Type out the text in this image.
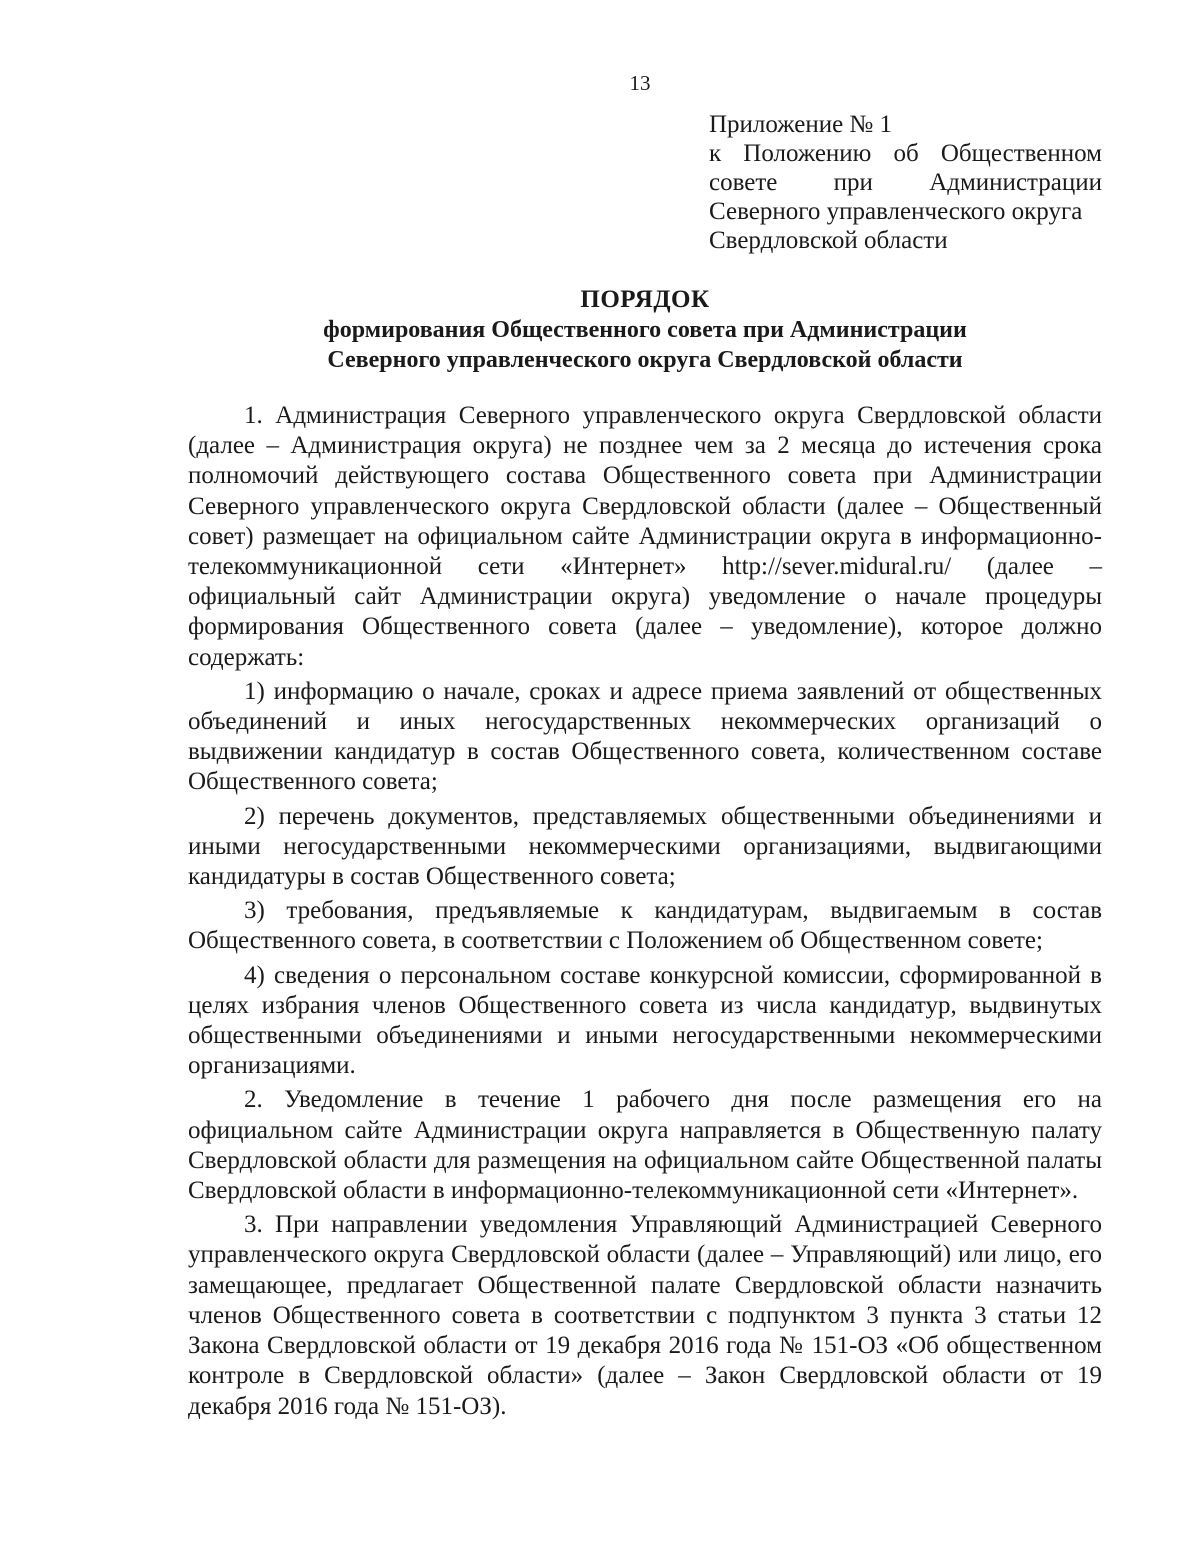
13
Приложение № 1
к Положению об Общественном
совете при Администрации
Северного управленческого округа
Свердловской области
ПОРЯДОК
формирования Общественного совета при Администрации
Северного управленческого округа Свердловской области

1. Администрация Северного управленческого округа Свердловской области (далее – Администрация округа) не позднее чем за 2 месяца до истечения срока полномочий действующего состава Общественного совета при Администрации Северного управленческого округа Свердловской области (далее – Общественный совет) размещает на официальном сайте Администрации округа в информационно-телекоммуникационной сети «Интернет» http://sever.midural.ru/ (далее – официальный сайт Администрации округа) уведомление о начале процедуры формирования Общественного совета (далее – уведомление), которое должно содержать:

1) информацию о начале, сроках и адресе приема заявлений от общественных объединений и иных негосударственных некоммерческих организаций о выдвижении кандидатур в состав Общественного совета, количественном составе Общественного совета;

2) перечень документов, представляемых общественными объединениями и иными негосударственными некоммерческими организациями, выдвигающими кандидатуры в состав Общественного совета;

3) требования, предъявляемые к кандидатурам, выдвигаемым в состав Общественного совета, в соответствии с Положением об Общественном совете;

4) сведения о персональном составе конкурсной комиссии, сформированной в целях избрания членов Общественного совета из числа кандидатур, выдвинутых общественными объединениями и иными негосударственными некоммерческими организациями.

2. Уведомление в течение 1 рабочего дня после размещения его на официальном сайте Администрации округа направляется в Общественную палату Свердловской области для размещения на официальном сайте Общественной палаты Свердловской области в информационно-телекоммуникационной сети «Интернет».

3. При направлении уведомления Управляющий Администрацией Северного управленческого округа Свердловской области (далее – Управляющий) или лицо, его замещающее, предлагает Общественной палате Свердловской области назначить членов Общественного совета в соответствии с подпунктом 3 пункта 3 статьи 12 Закона Свердловской области от 19 декабря 2016 года № 151-ОЗ «Об общественном контроле в Свердловской области» (далее – Закон Свердловской области от 19 декабря 2016 года № 151-ОЗ).
